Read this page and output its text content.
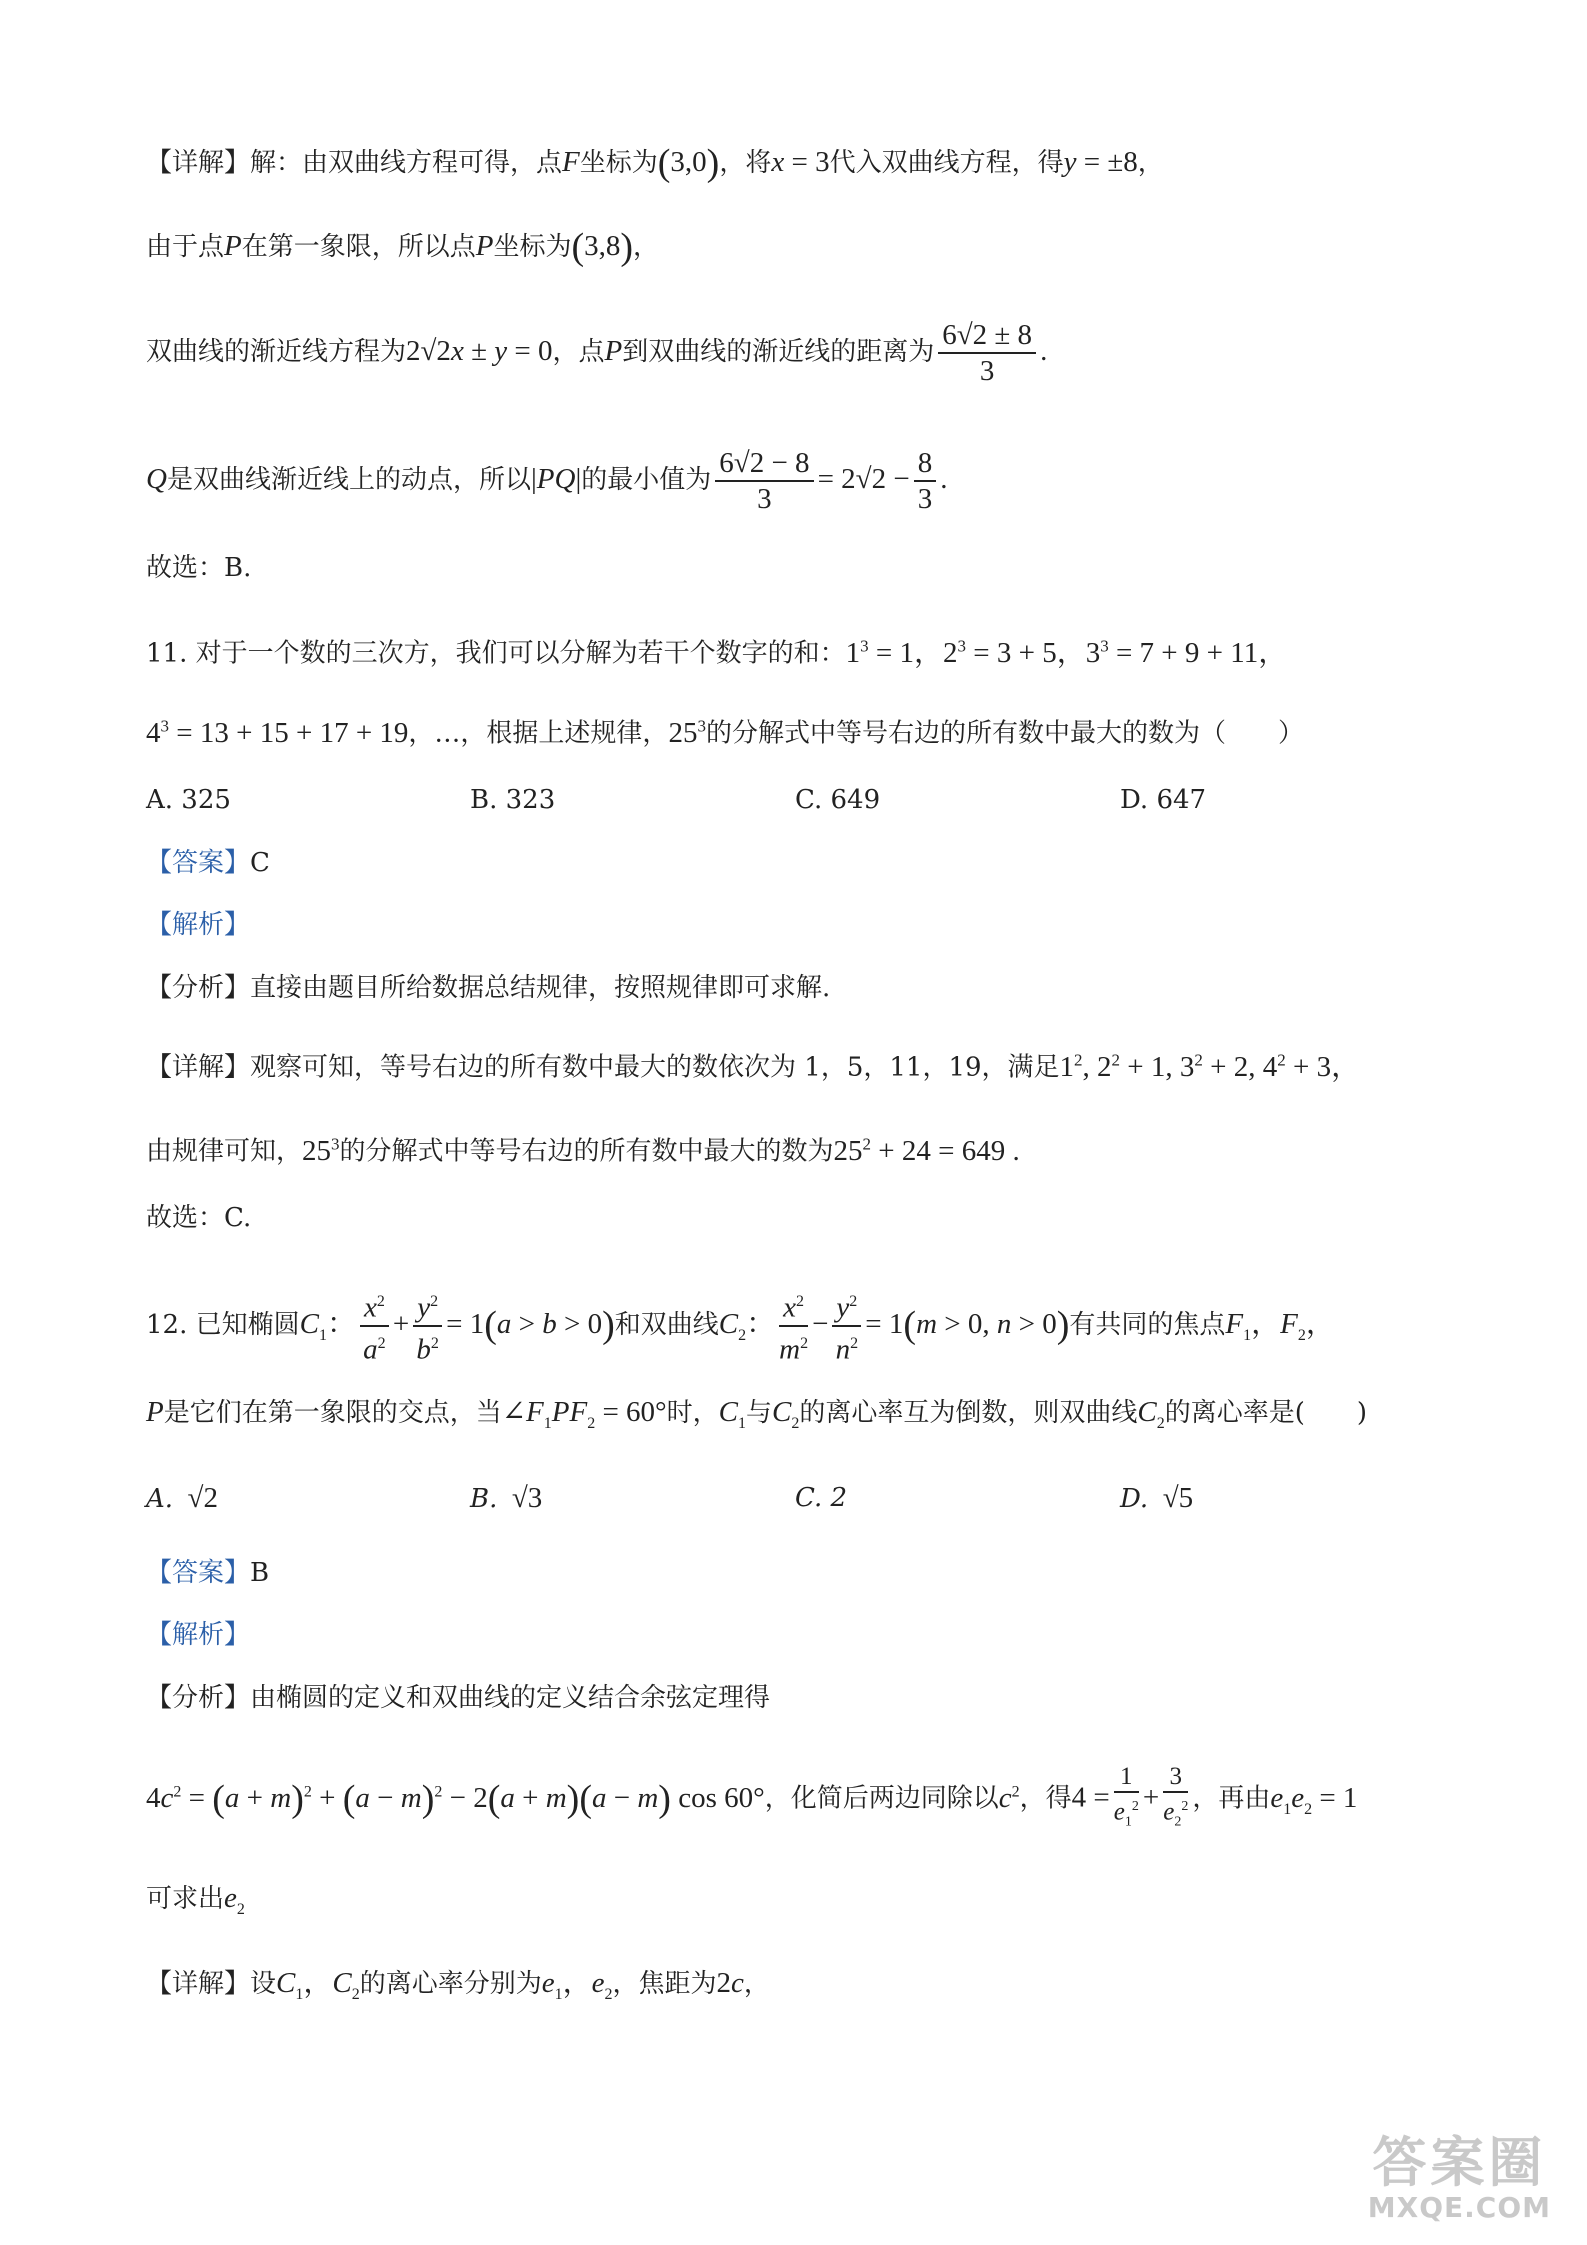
【详解】解：由双曲线方程可得，点F坐标为(3,0)，将x = 3代入双曲线方程，得y = ±8，
由于点P在第一象限，所以点P坐标为(3,8)，
双曲线的渐近线方程为2√2x ± y = 0，点P到双曲线的渐近线的距离为 $\frac{6√2 \pm 8}{3}$ .
Q是双曲线渐近线上的动点，所以|PQ|的最小值为 $\frac{6√2 - 8}{3} = 2√2 - \frac{8}{3}$ .
故选：B.
11. 对于一个数的三次方，我们可以分解为若干个数字的和：$1^3 = 1$，$2^3 = 3 + 5$，$3^3 = 7 + 9 + 11$，
$4^3 = 13 + 15 + 17 + 19$，…，根据上述规律，$25^3$的分解式中等号右边的所有数中最大的数为（　　）
A. 325	B. 323	C. 649	D. 647
【答案】C
【解析】
【分析】直接由题目所给数据总结规律，按照规律即可求解.
【详解】观察可知，等号右边的所有数中最大的数依次为 1，5，11，19，满足$1^2$, $2^2 + 1$, $3^2 + 2$, $4^2 + 3$，
由规律可知，$25^3$的分解式中等号右边的所有数中最大的数为$25^2 + 24 = 649$ .
故选：C.
12. 已知椭圆$C_1$： $\frac{x^2}{a^2} + \frac{y^2}{b^2} = 1(a > b > 0)$和双曲线$C_2$： $\frac{x^2}{m^2} - \frac{y^2}{n^2} = 1(m > 0$, n > 0)有共同的焦点$F_1$，$F_2$，
P是它们在第一象限的交点，当$\angle F_1PF_2 = 60^\circ$时，$C_1$与$C_2$的离心率互为倒数，则双曲线$C_2$的离心率是(　　)
A.  √2	B.  √3	C. 2	D.  √5
【答案】B
【解析】
【分析】由椭圆的定义和双曲线的定义结合余弦定理得
$4c^2 = (a + m)^2 + (a - m)^2 - 2(a + m)(a - m)$ cos 60°，化简后两边同除以$c^2$，得$4 = \frac{1}{e_1^2} + \frac{3}{e_2^2}$ ，再由$e_1e_2 = 1$
可求出$e_2$
【详解】设$C_1$，$C_2$的离心率分别为$e_1$，$e_2$，焦距为2c，
答案圈
MXQE.COM
